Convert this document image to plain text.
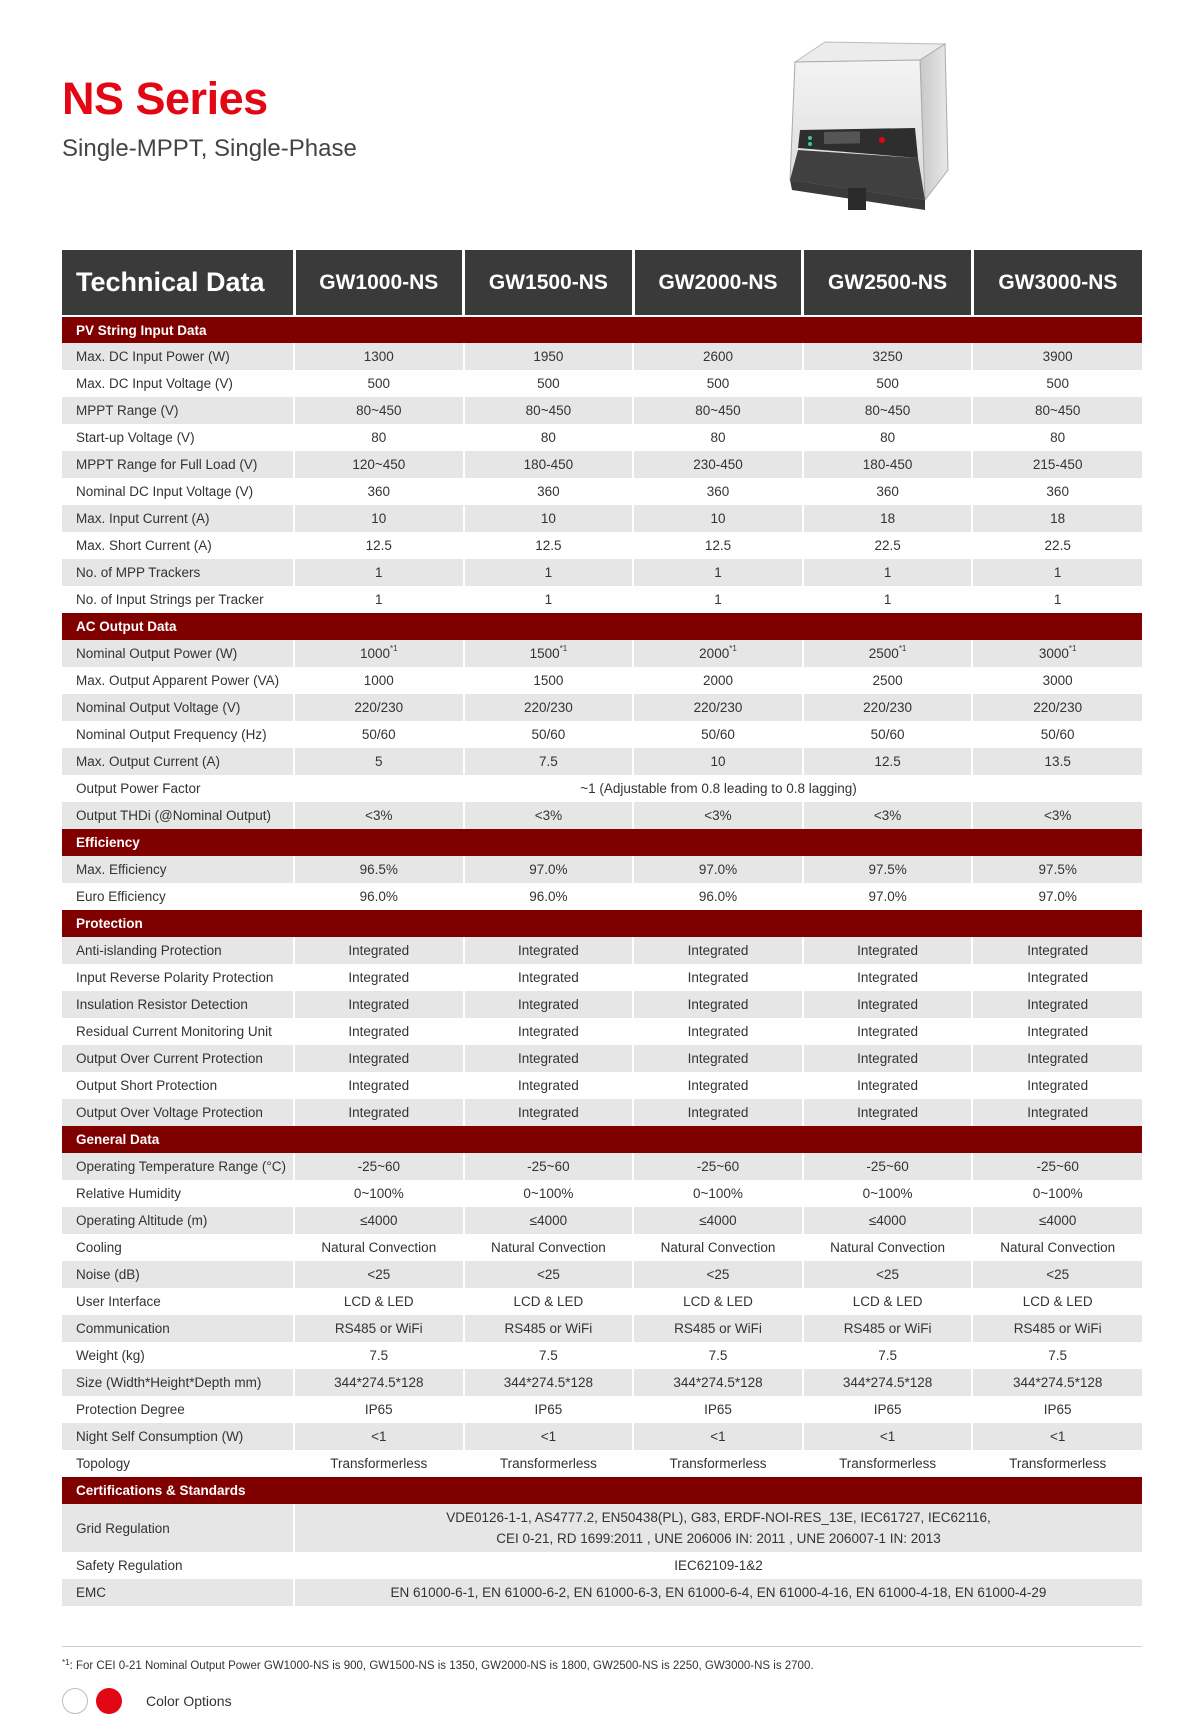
NS Series
Single-MPPT, Single-Phase
Technical Data	GW1000-NS	GW1500-NS	GW2000-NS	GW2500-NS	GW3000-NS
PV String Input Data					
Max. DC Input Power (W)	1300	1950	2600	3250	3900
Max. DC Input Voltage (V)	500	500	500	500	500
MPPT Range (V)	80~450	80~450	80~450	80~450	80~450
Start-up Voltage (V)	80	80	80	80	80
MPPT Range for Full Load (V)	120~450	180-450	230-450	180-450	215-450
Nominal DC Input Voltage (V)	360	360	360	360	360
Max. Input Current (A)	10	10	10	18	18
Max. Short Current (A)	12.5	12.5	12.5	22.5	22.5
No. of MPP Trackers	1	1	1	1	1
No. of Input Strings per Tracker	1	1	1	1	1
AC Output Data					
Nominal Output Power (W)	1000$^{*1}$	1500$^{*1}$	2000$^{*1}$	2500$^{*1}$	3000$^{*1}$
Max. Output Apparent Power (VA)	1000	1500	2000	2500	3000
Nominal Output Voltage (V)	220/230	220/230	220/230	220/230	220/230
Nominal Output Frequency (Hz)	50/60	50/60	50/60	50/60	50/60
Max. Output Current (A)	5	7.5	10	12.5	13.5
Output Power Factor	~1 (Adjustable from 0.8 leading to 0.8 lagging)				

Output THDi (@Nominal Output)	<3%	<3%	<3%	<3%	<3%
Efficiency					
Max. Efficiency	96.5%	97.0%	97.0%	97.5%	97.5%
Euro Efficiency	96.0%	96.0%	96.0%	97.0%	97.0%
Protection					
Anti-islanding Protection	Integrated	Integrated	Integrated	Integrated	Integrated
Input Reverse Polarity Protection	Integrated	Integrated	Integrated	Integrated	Integrated
Insulation Resistor Detection	Integrated	Integrated	Integrated	Integrated	Integrated
Residual Current Monitoring Unit	Integrated	Integrated	Integrated	Integrated	Integrated
Output Over Current Protection	Integrated	Integrated	Integrated	Integrated	Integrated
Output Short Protection	Integrated	Integrated	Integrated	Integrated	Integrated
Output Over Voltage Protection	Integrated	Integrated	Integrated	Integrated	Integrated
General Data					
Operating Temperature Range (°C)	-25~60	-25~60	-25~60	-25~60	-25~60
Relative Humidity	0~100%	0~100%	0~100%	0~100%	0~100%
Operating Altitude (m)	≤4000	≤4000	≤4000	≤4000	≤4000
Cooling	Natural Convection	Natural Convection	Natural Convection	Natural Convection	Natural Convection
Noise (dB)	<25	<25	<25	<25	<25
User Interface	LCD & LED	LCD & LED	LCD & LED	LCD & LED	LCD & LED
Communication	RS485 or WiFi	RS485 or WiFi	RS485 or WiFi	RS485 or WiFi	RS485 or WiFi
Weight (kg)	7.5	7.5	7.5	7.5	7.5
Size (Width*Height*Depth mm)	344*274.5*128	344*274.5*128	344*274.5*128	344*274.5*128	344*274.5*128
Protection Degree	IP65	IP65	IP65	IP65	IP65
Night Self Consumption (W)	<1	<1	<1	<1	<1
Topology	Transformerless	Transformerless	Transformerless	Transformerless	Transformerless
Certifications & Standards					
Grid Regulation	VDE0126-1-1, AS4777.2, EN50438(PL), G83, ERDF-NOI-RES_13E, IEC61727, IEC62116,
CEI 0-21, RD 1699:2011 , UNE 206006 IN: 2011 , UNE 206007-1 IN: 2013				

Safety Regulation	IEC62109-1&2				

EMC	EN 61000-6-1, EN 61000-6-2, EN 61000-6-3, EN 61000-6-4, EN 61000-4-16, EN 61000-4-18, EN 61000-4-29				
$^{*1}$: For CEI 0-21 Nominal Output Power GW1000-NS is 900, GW1500-NS is 1350, GW2000-NS is 1800, GW2500-NS is 2250, GW3000-NS is 2700.
Color Options
